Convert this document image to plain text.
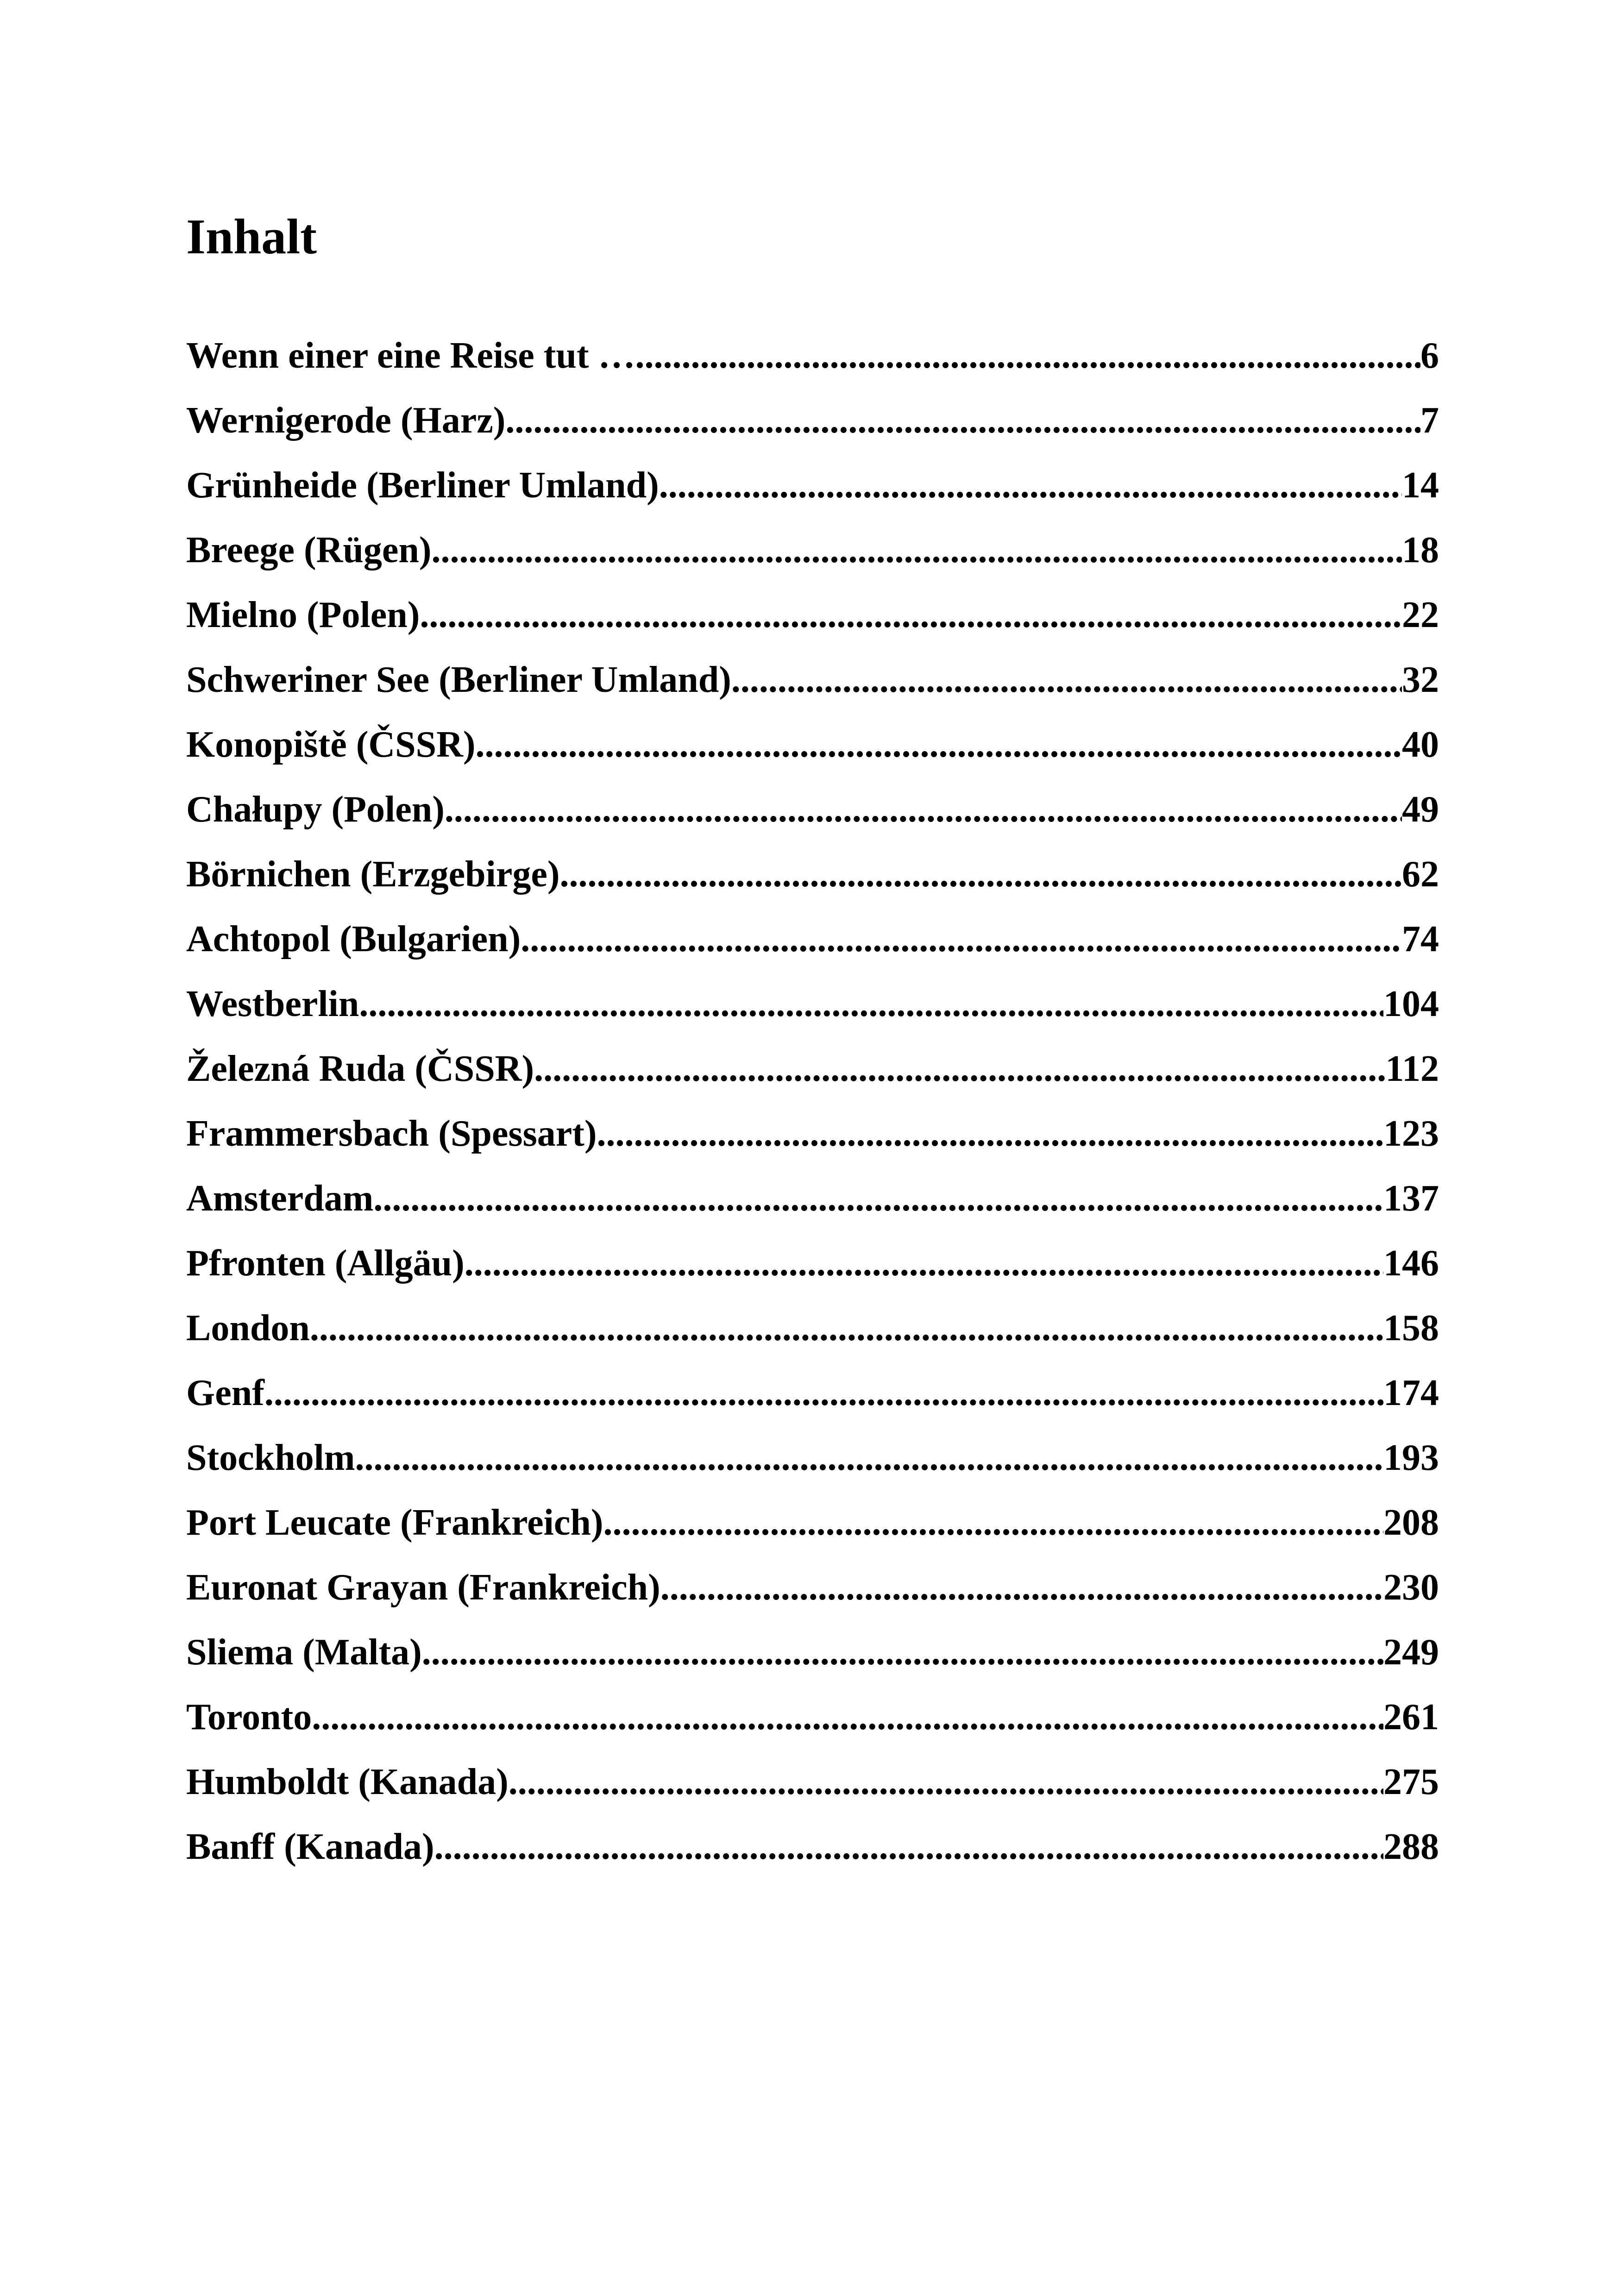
Inhalt
Wenn einer eine Reise tut … .....	6
Wernigerode (Harz) .....	7
Grünheide (Berliner Umland) .....	14
Breege (Rügen) .....	18
Mielno (Polen) .....	22
Schweriner See (Berliner Umland) .....	32
Konopiště (ČSSR) .....	40
Chałupy (Polen) .....	49
Börnichen (Erzgebirge) .....	62
Achtopol (Bulgarien) .....	74
Westberlin .....	104
Železná Ruda (ČSSR) .....	112
Frammersbach (Spessart) .....	123
Amsterdam .....	137
Pfronten (Allgäu) .....	146
London .....	158
Genf .....	174
Stockholm .....	193
Port Leucate (Frankreich) .....	208
Euronat Grayan (Frankreich) .....	230
Sliema (Malta) .....	249
Toronto .....	261
Humboldt (Kanada) .....	275
Banff (Kanada) .....	288
